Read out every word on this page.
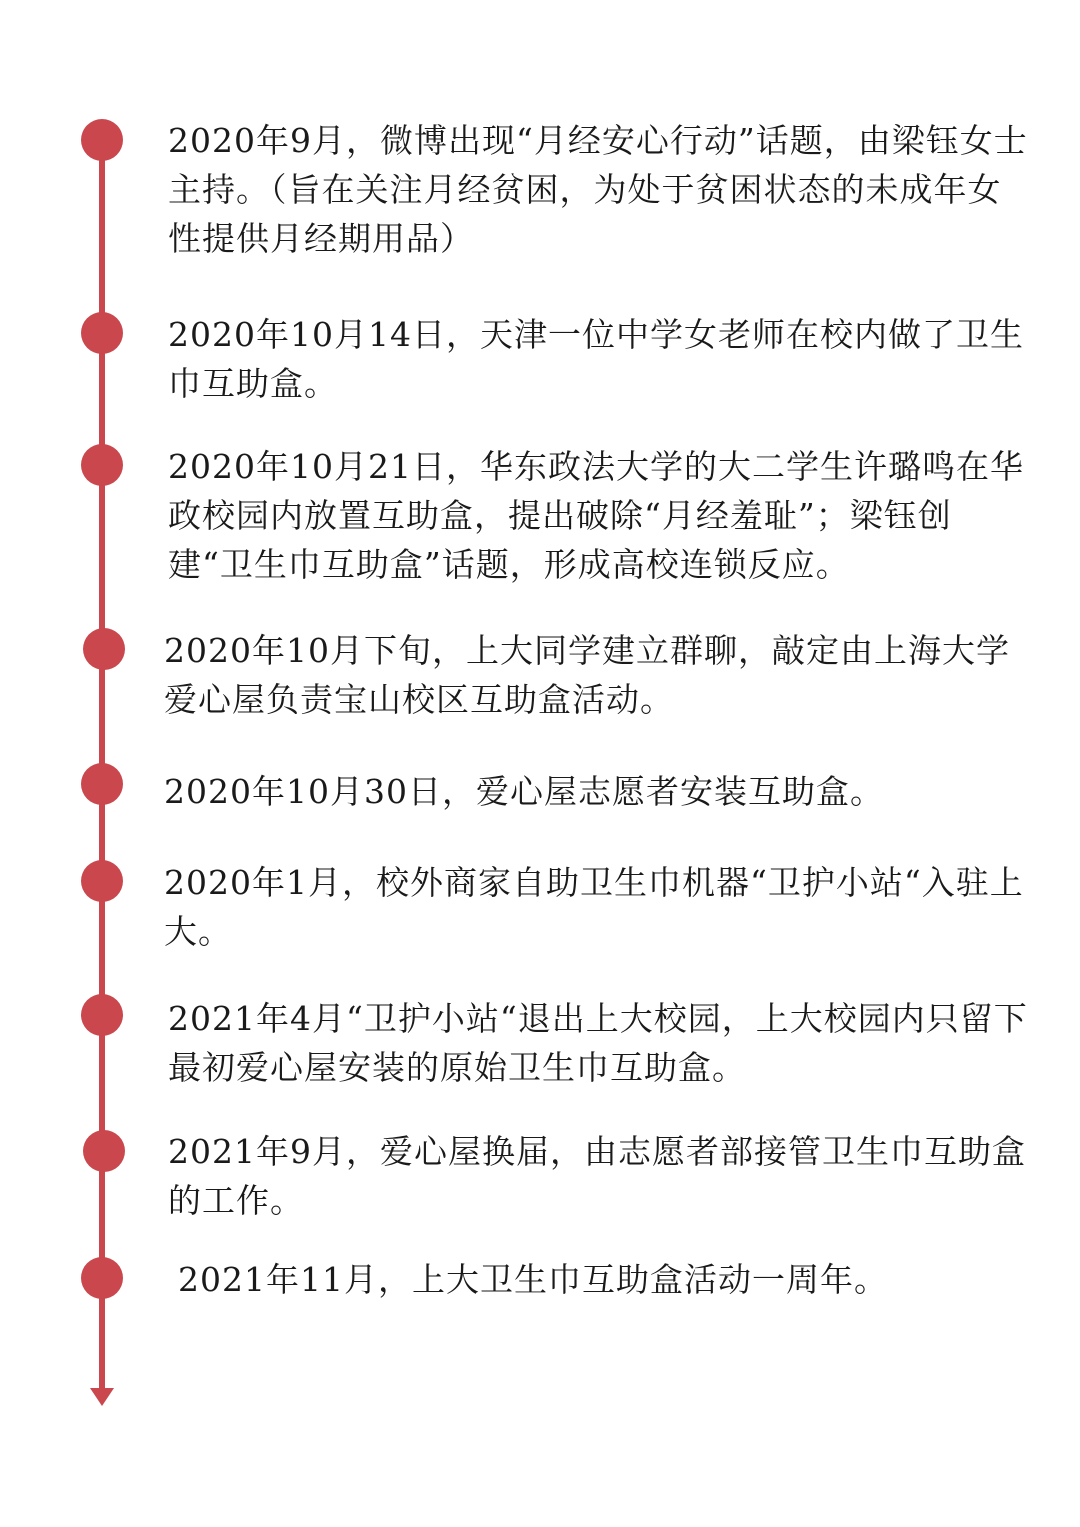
2020年9月，微博出现“月经安心行动”话题，由梁钰女士主持。（旨在关注月经贫困，为处于贫困状态的未成年女性提供月经期用品）

2020年10月14日，天津一位中学女老师在校内做了卫生巾互助盒。

2020年10月21日，华东政法大学的大二学生许璐鸣在华政校园内放置互助盒，提出破除“月经羞耻”；梁钰创建“卫生巾互助盒”话题，形成高校连锁反应。

2020年10月下旬，上大同学建立群聊，敲定由上海大学爱心屋负责宝山校区互助盒活动。

2020年10月30日，爱心屋志愿者安装互助盒。

2020年1月，校外商家自助卫生巾机器“卫护小站“入驻上大。

2021年4月“卫护小站“退出上大校园，上大校园内只留下最初爱心屋安装的原始卫生巾互助盒。

2021年9月，爱心屋换届，由志愿者部接管卫生巾互助盒的工作。

2021年11月，上大卫生巾互助盒活动一周年。
